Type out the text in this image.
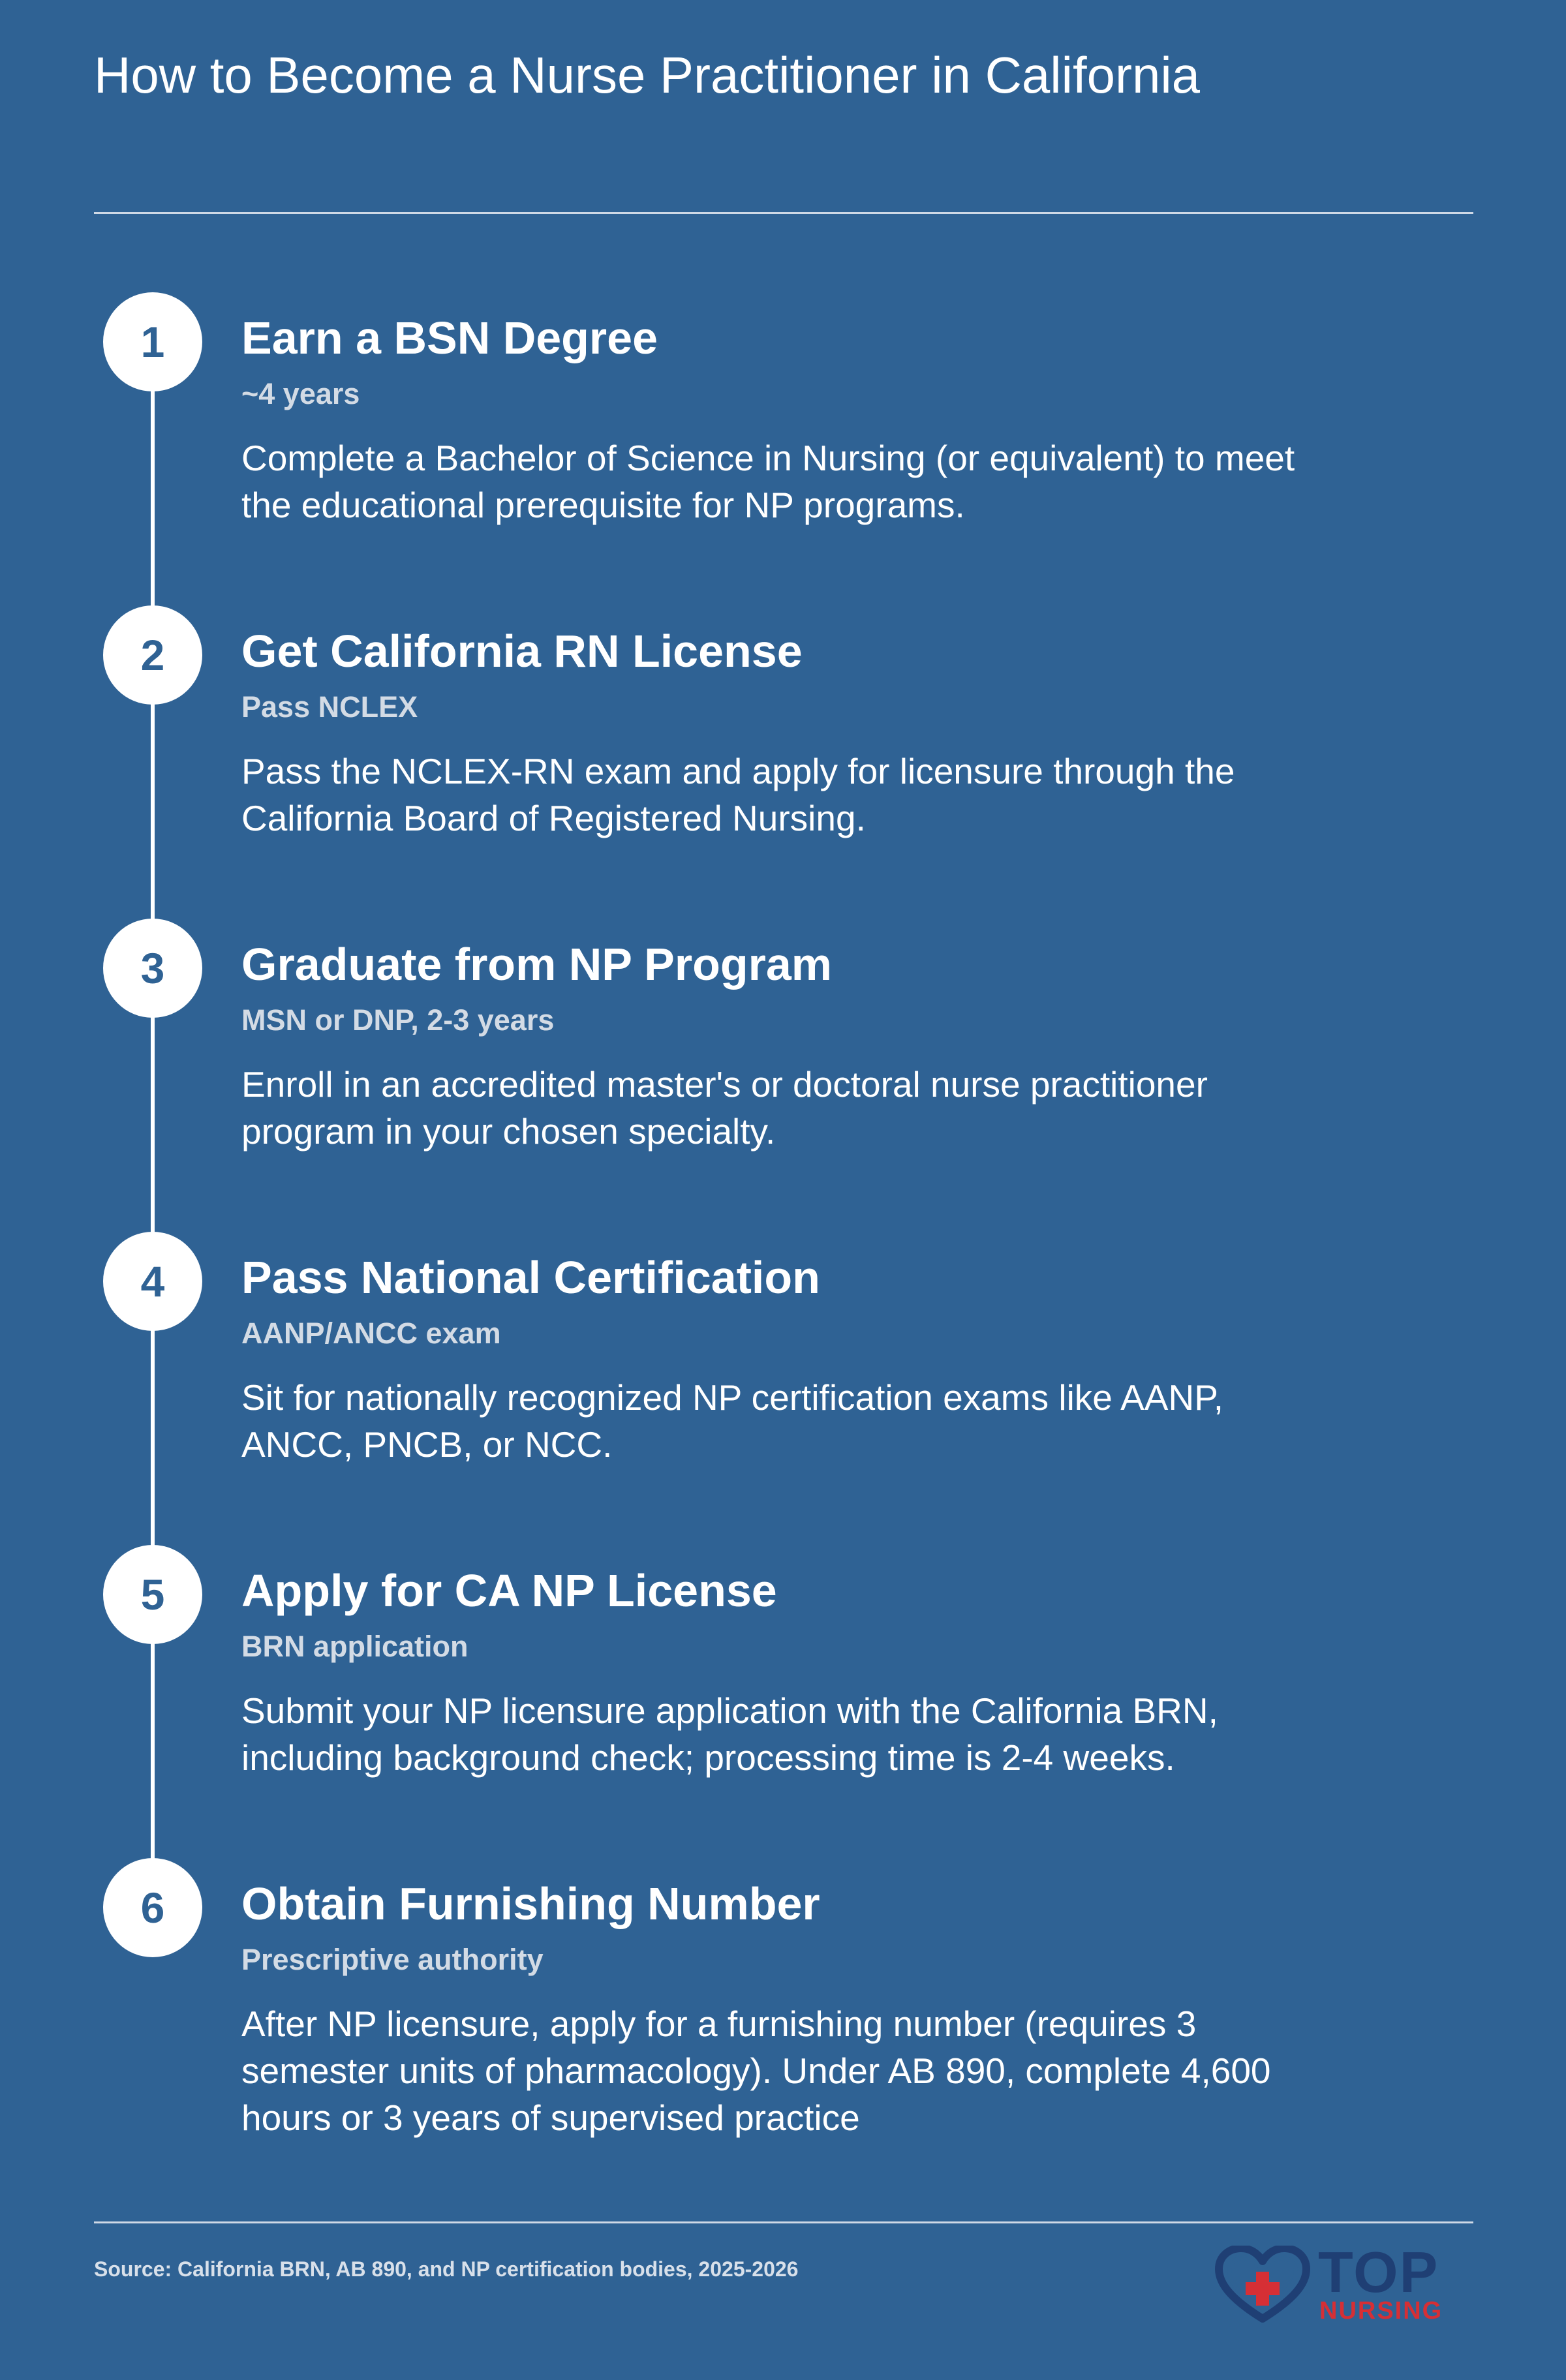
How to Become a Nurse Practitioner in California
1	Earn a BSN Degree
~4 years
Complete a Bachelor of Science in Nursing (or equivalent) to meet the educational prerequisite for NP programs.
2	Get California RN License
Pass NCLEX
Pass the NCLEX-RN exam and apply for licensure through the California Board of Registered Nursing.
3	Graduate from NP Program
MSN or DNP, 2-3 years
Enroll in an accredited master's or doctoral nurse practitioner program in your chosen specialty.
4	Pass National Certification
AANP/ANCC exam
Sit for nationally recognized NP certification exams like AANP, ANCC, PNCB, or NCC.
5	Apply for CA NP License
BRN application
Submit your NP licensure application with the California BRN, including background check; processing time is 2-4 weeks.
6	Obtain Furnishing Number
Prescriptive authority
After NP licensure, apply for a furnishing number (requires 3 semester units of pharmacology). Under AB 890, complete 4,600 hours or 3 years of supervised practice
Source: California BRN, AB 890, and NP certification bodies, 2025-2026	TOP
NURSING
